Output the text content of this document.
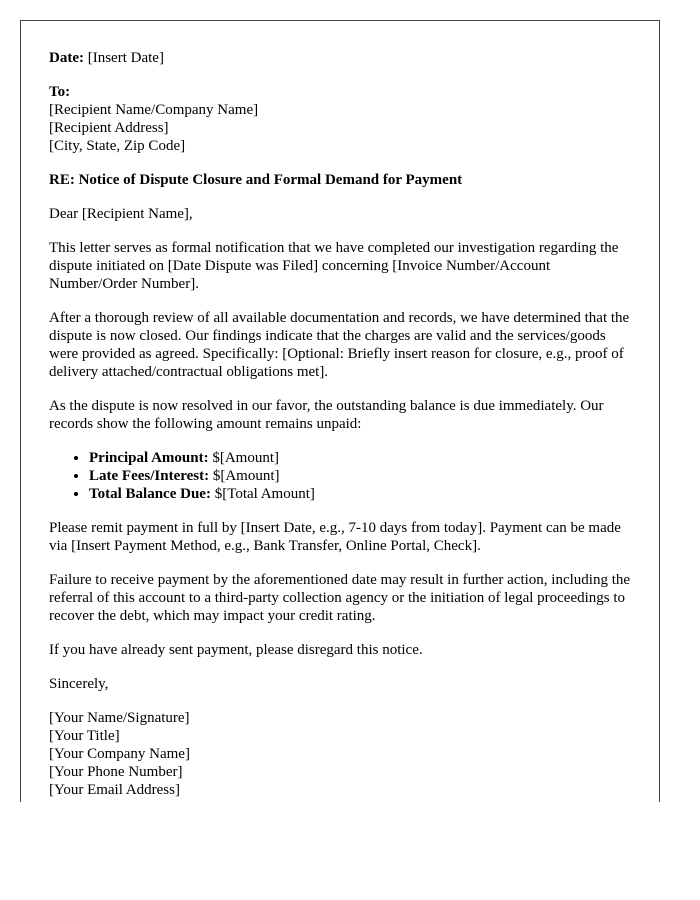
Date: [Insert Date]

To:
[Recipient Name/Company Name]
[Recipient Address]
[City, State, Zip Code]

RE: Notice of Dispute Closure and Formal Demand for Payment

Dear [Recipient Name],

This letter serves as formal notification that we have completed our investigation regarding the dispute initiated on [Date Dispute was Filed] concerning [Invoice Number/Account Number/Order Number].

After a thorough review of all available documentation and records, we have determined that the dispute is now closed. Our findings indicate that the charges are valid and the services/goods were provided as agreed. Specifically: [Optional: Briefly insert reason for closure, e.g., proof of delivery attached/contractual obligations met].

As the dispute is now resolved in our favor, the outstanding balance is due immediately. Our records show the following amount remains unpaid:

• Principal Amount: $[Amount]
• Late Fees/Interest: $[Amount]
• Total Balance Due: $[Total Amount]

Please remit payment in full by [Insert Date, e.g., 7-10 days from today]. Payment can be made via [Insert Payment Method, e.g., Bank Transfer, Online Portal, Check].

Failure to receive payment by the aforementioned date may result in further action, including the referral of this account to a third-party collection agency or the initiation of legal proceedings to recover the debt, which may impact your credit rating.

If you have already sent payment, please disregard this notice.

Sincerely,

[Your Name/Signature]
[Your Title]
[Your Company Name]
[Your Phone Number]
[Your Email Address]
